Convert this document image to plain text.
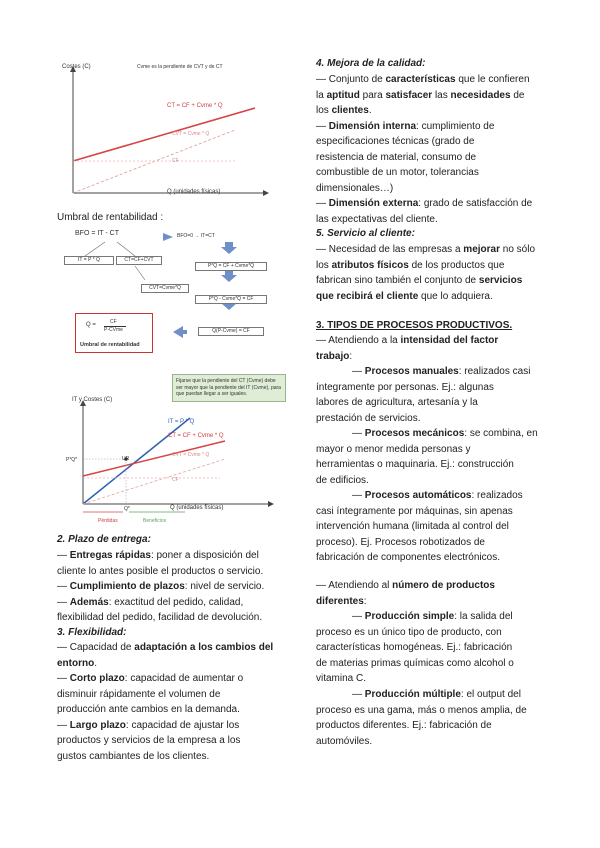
Costes (C)	Cvme es la pendiente de CVT y de CT
CT = CF + Cvme * Q
CVT = Cvme * Q
CF
Q (unidades físicas)
Umbral de rentabilidad :
BFO = IT - CT	BFO=0 → IT=CT
IT = P * Q	CT=CF+CVT
P*Q = CF + Cvme*Q
CVT=Cvme*Q
P*Q - Cvme*Q = CF
Q(P-Cvme) = CF
Q =	CF
P-CVme
Umbral de rentabilidad
Fijarse que la pendiente del CT (Cvme) debe ser mayor que la pendiente del IT (Cvme), para que puedan llegar a ser iguales.
IT y Costes (C)
IT = P * Q
CT = CF + Cvme * Q
CVT = Cvme * Q
CF
UR
P*Q*
Q*	Q (unidades físicas)
Pérdidas	Beneficios
2. Plazo de entrega:
— Entregas rápidas: poner a disposición del
cliente lo antes posible el productos o servicio.
— Cumplimiento de plazos: nivel de servicio.
— Además: exactitud del pedido, calidad,
flexibilidad del pedido, facilidad de devolución.
3. Flexibilidad:
— Capacidad de adaptación a los cambios del
entorno.
— Corto plazo: capacidad de aumentar o
disminuir rápidamente el volumen de
producción ante cambios en la demanda.
— Largo plazo: capacidad de ajustar los
productos y servicios de la empresa a los
gustos cambiantes de los clientes.
4. Mejora de la calidad:
— Conjunto de características que le confieren
la aptitud para satisfacer las necesidades de
los clientes.
— Dimensión interna: cumplimiento de
especificaciones técnicas (grado de
resistencia de material, consumo de
combustible de un motor, tolerancias
dimensionales…)
— Dimensión externa: grado de satisfacción de
las expectativas del cliente.
5. Servicio al cliente:
— Necesidad de las empresas a mejorar no sólo
los atributos físicos de los productos que
fabrican sino también el conjunto de servicios
que recibirá el cliente que lo adquiera.
3. TIPOS DE PROCESOS PRODUCTIVOS.
— Atendiendo a la intensidad del factor
trabajo:
— Procesos manuales: realizados casi
íntegramente por personas. Ej.: algunas
labores de agricultura, artesanía y la
prestación de servicios.
— Procesos mecánicos: se combina, en
mayor o menor medida personas y
herramientas o maquinaria. Ej.: construcción
de edificios.
— Procesos automáticos: realizados
casi íntegramente por máquinas, sin apenas
intervención humana (limitada al control del
proceso). Ej. Procesos robotizados de
fabricación de componentes electrónicos.
— Atendiendo al número de productos
diferentes:
— Producción simple: la salida del
proceso es un único tipo de producto, con
características homogéneas. Ej.: fabricación
de materias primas químicas como alcohol o
vitamina C.
— Producción múltiple: el output del
proceso es una gama, más o menos amplia, de
productos diferentes. Ej.: fabricación de
automóviles.
